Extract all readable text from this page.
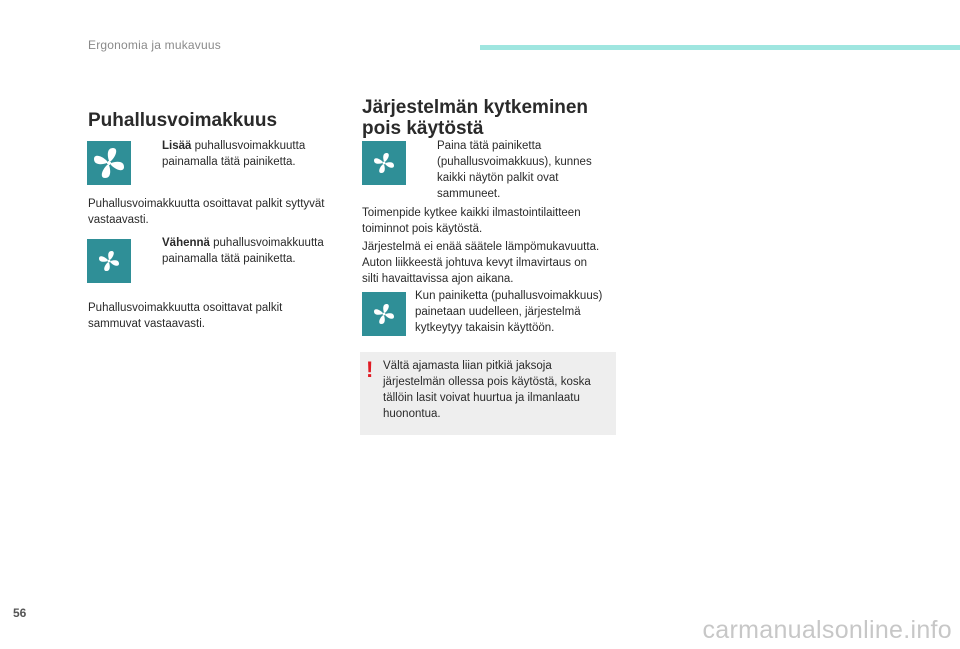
Ergonomia ja mukavuus
Puhallusvoimakkuus
Lisää puhallusvoimakkuutta
painamalla tätä painiketta.
Puhallusvoimakkuutta osoittavat palkit syttyvät
vastaavasti.
Vähennä puhallusvoimakkuutta
painamalla tätä painiketta.
Puhallusvoimakkuutta osoittavat palkit
sammuvat vastaavasti.
Järjestelmän kytkeminen
pois käytöstä
Paina tätä painiketta
(puhallusvoimakkuus), kunnes
kaikki näytön palkit ovat
sammuneet.
Toimenpide kytkee kaikki ilmastointilaitteen
toiminnot pois käytöstä.
Järjestelmä ei enää säätele lämpömukavuutta.
Auton liikkeestä johtuva kevyt ilmavirtaus on
silti havaittavissa ajon aikana.
Kun painiketta (puhallusvoimakkuus)
painetaan uudelleen, järjestelmä
kytkeytyy takaisin käyttöön.
! Vältä ajamasta liian pitkiä jaksoja
järjestelmän ollessa pois käytöstä, koska
tällöin lasit voivat huurtua ja ilmanlaatu
huonontua.
56
carmanualsonline.info
